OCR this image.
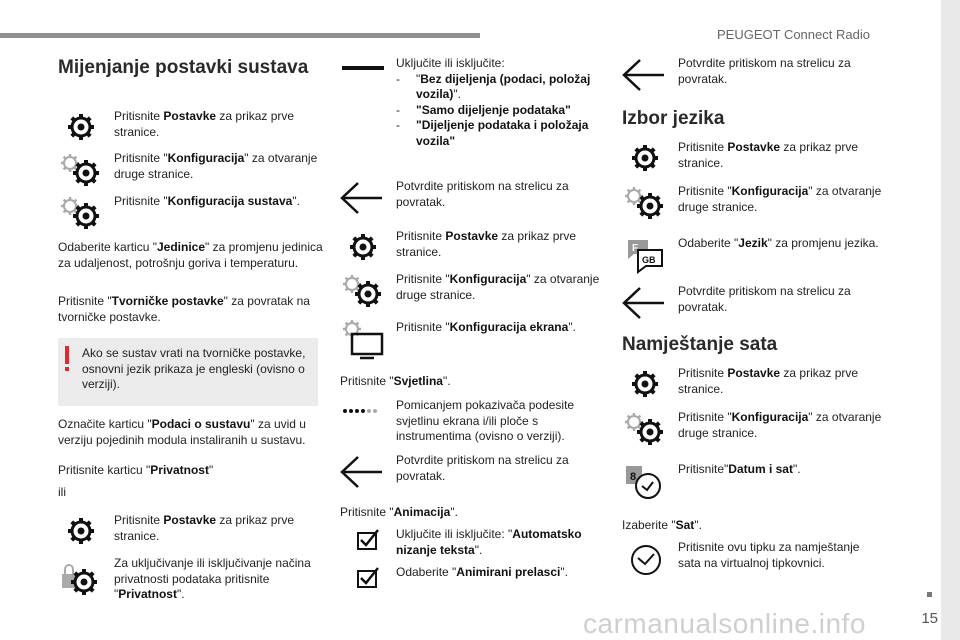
PEUGEOT Connect Radio
15
carmanualsonline.info
Mijenjanje postavki sustava
Pritisnite Postavke za prikaz prve stranice.
Pritisnite "Konfiguracija" za otvaranje druge stranice.
Pritisnite "Konfiguracija sustava".
Odaberite karticu "Jedinice" za promjenu jedinica za udaljenost, potrošnju goriva i temperaturu.
Pritisnite "Tvorničke postavke" za povratak na tvorničke postavke.
Ako se sustav vrati na tvorničke postavke, osnovni jezik prikaza je engleski (ovisno o verziji).
Označite karticu "Podaci o sustavu" za uvid u verziju pojedinih modula instaliranih u sustavu.
Pritisnite karticu "Privatnost"
ili
Pritisnite Postavke za prikaz prve stranice.
Za uključivanje ili isključivanje načina privatnosti podataka pritisnite "Privatnost".
Uključite ili isključite:
- "Bez dijeljenja (podaci, položaj vozila)".
- "Samo dijeljenje podataka"
- "Dijeljenje podataka i položaja vozila"
Potvrdite pritiskom na strelicu za povratak.
Pritisnite Postavke za prikaz prve stranice.
Pritisnite "Konfiguracija" za otvaranje druge stranice.
Pritisnite "Konfiguracija ekrana".
Pritisnite "Svjetlina".
Pomicanjem pokazivača podesite svjetlinu ekrana i/ili ploče s instrumentima (ovisno o verziji).
Potvrdite pritiskom na strelicu za povratak.
Pritisnite "Animacija".
Uključite ili isključite: "Automatsko nizanje teksta".
Odaberite "Animirani prelasci".
Potvrdite pritiskom na strelicu za povratak.
Izbor jezika
Pritisnite Postavke za prikaz prve stranice.
Pritisnite "Konfiguracija" za otvaranje druge stranice.
F
GB
Odaberite "Jezik" za promjenu jezika.
Potvrdite pritiskom na strelicu za povratak.
Namještanje sata
Pritisnite Postavke za prikaz prve stranice.
Pritisnite "Konfiguracija" za otvaranje druge stranice.
8
Pritisnite"Datum i sat".
Izaberite "Sat".
Pritisnite ovu tipku za namještanje sata na virtualnoj tipkovnici.
